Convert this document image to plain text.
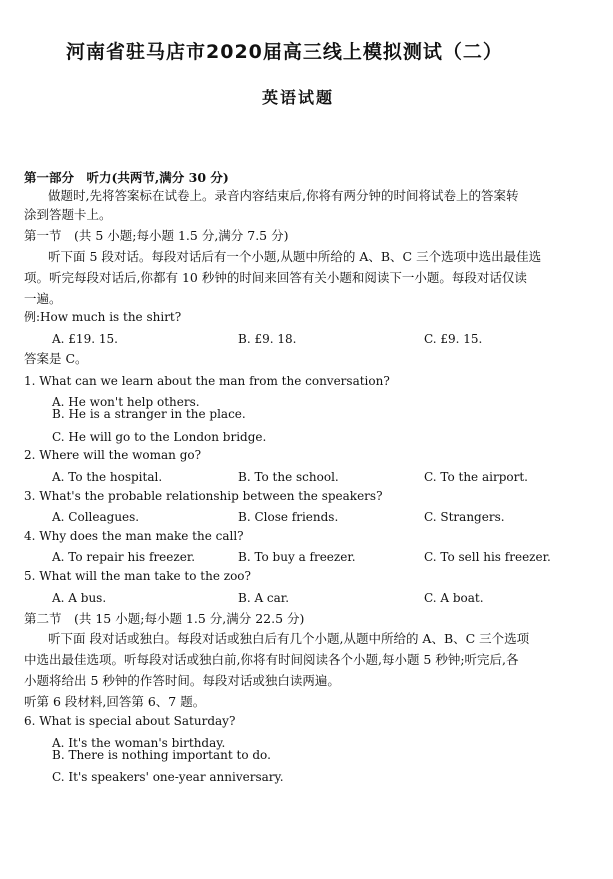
河南省驻马店市2020届高三线上模拟测试（二）
英语试题
第一部分　听力(共两节,满分 30 分)
做题时,先将答案标在试卷上。录音内容结束后,你将有两分钟的时间将试卷上的答案转
涂到答题卡上。
第一节　(共 5 小题;每小题 1.5 分,满分 7.5 分)
听下面 5 段对话。每段对话后有一个小题,从题中所给的 A、B、C 三个选项中选出最佳选
项。听完每段对话后,你都有 10 秒钟的时间来回答有关小题和阅读下一小题。每段对话仅读
一遍。
例:How much is the shirt?
A. £19. 15.	B. £9. 18.	C. £9. 15.
答案是 C。
1. What can we learn about the man from the conversation?
A. He won't help others.
B. He is a stranger in the place.
C. He will go to the London bridge.
2. Where will the woman go?
A. To the hospital.	B. To the school.	C. To the airport.
3. What's the probable relationship between the speakers?
A. Colleagues.	B. Close friends.	C. Strangers.
4. Why does the man make the call?
A. To repair his freezer.	B. To buy a freezer.	C. To sell his freezer.
5. What will the man take to the zoo?
A. A bus.	B. A car.	C. A boat.
第二节　(共 15 小题;每小题 1.5 分,满分 22.5 分)
听下面 段对话或独白。每段对话或独白后有几个小题,从题中所给的 A、B、C 三个选项
中选出最佳选项。听每段对话或独白前,你将有时间阅读各个小题,每小题 5 秒钟;听完后,各
小题将给出 5 秒钟的作答时间。每段对话或独白读两遍。
听第 6 段材料,回答第 6、7 题。
6. What is special about Saturday?
A. It's the woman's birthday.
B. There is nothing important to do.
C. It's speakers' one-year anniversary.
